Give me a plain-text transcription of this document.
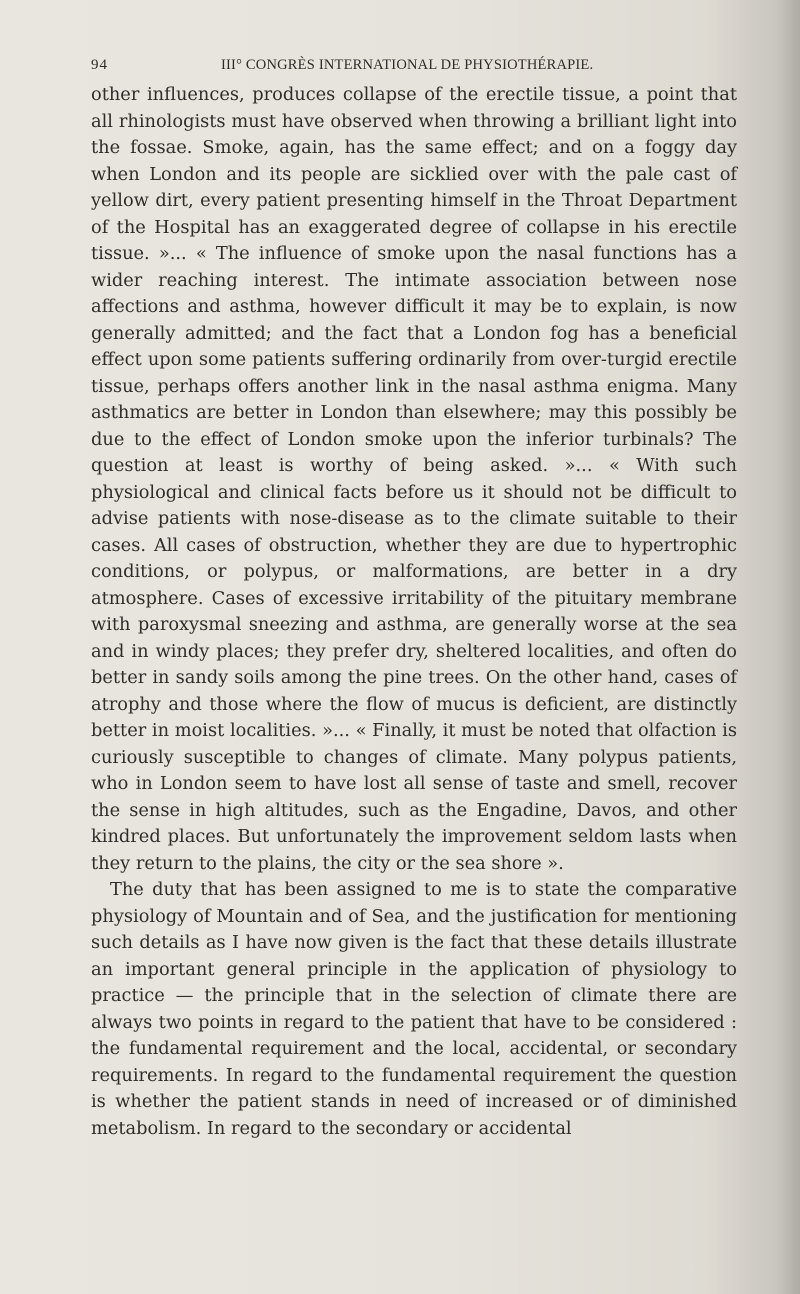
94	III° CONGRÈS INTERNATIONAL DE PHYSIOTHÉRAPIE.

other influences, produces collapse of the erectile tissue, a point that all rhinologists must have observed when throwing a brilliant light into the fossae. Smoke, again, has the same effect; and on a foggy day when London and its people are sicklied over with the pale cast of yellow dirt, every patient presenting himself in the Throat Department of the Hospital has an exaggerated degree of collapse in his erectile tissue. »... « The influence of smoke upon the nasal functions has a wider reaching interest. The intimate association between nose affections and asthma, however difficult it may be to explain, is now generally admitted; and the fact that a London fog has a beneficial effect upon some patients suffering ordinarily from over-turgid erectile tissue, perhaps offers another link in the nasal asthma enigma. Many asthmatics are better in London than elsewhere; may this possibly be due to the effect of London smoke upon the inferior turbinals? The question at least is worthy of being asked. »... « With such physiological and clinical facts before us it should not be difficult to advise patients with nose-disease as to the climate suitable to their cases. All cases of obstruction, whether they are due to hypertrophic conditions, or polypus, or malformations, are better in a dry atmosphere. Cases of excessive irritability of the pituitary membrane with paroxysmal sneezing and asthma, are generally worse at the sea and in windy places; they prefer dry, sheltered localities, and often do better in sandy soils among the pine trees. On the other hand, cases of atrophy and those where the flow of mucus is deficient, are distinctly better in moist localities. »... « Finally, it must be noted that olfaction is curiously susceptible to changes of climate. Many polypus patients, who in London seem to have lost all sense of taste and smell, recover the sense in high altitudes, such as the Engadine, Davos, and other kindred places. But unfortunately the improvement seldom lasts when they return to the plains, the city or the sea shore ».

The duty that has been assigned to me is to state the comparative physiology of Mountain and of Sea, and the justification for mentioning such details as I have now given is the fact that these details illustrate an important general principle in the application of physiology to practice — the principle that in the selection of climate there are always two points in regard to the patient that have to be considered : the fundamental requirement and the local, accidental, or secondary requirements. In regard to the fundamental requirement the question is whether the patient stands in need of increased or of diminished metabolism. In regard to the secondary or accidental
